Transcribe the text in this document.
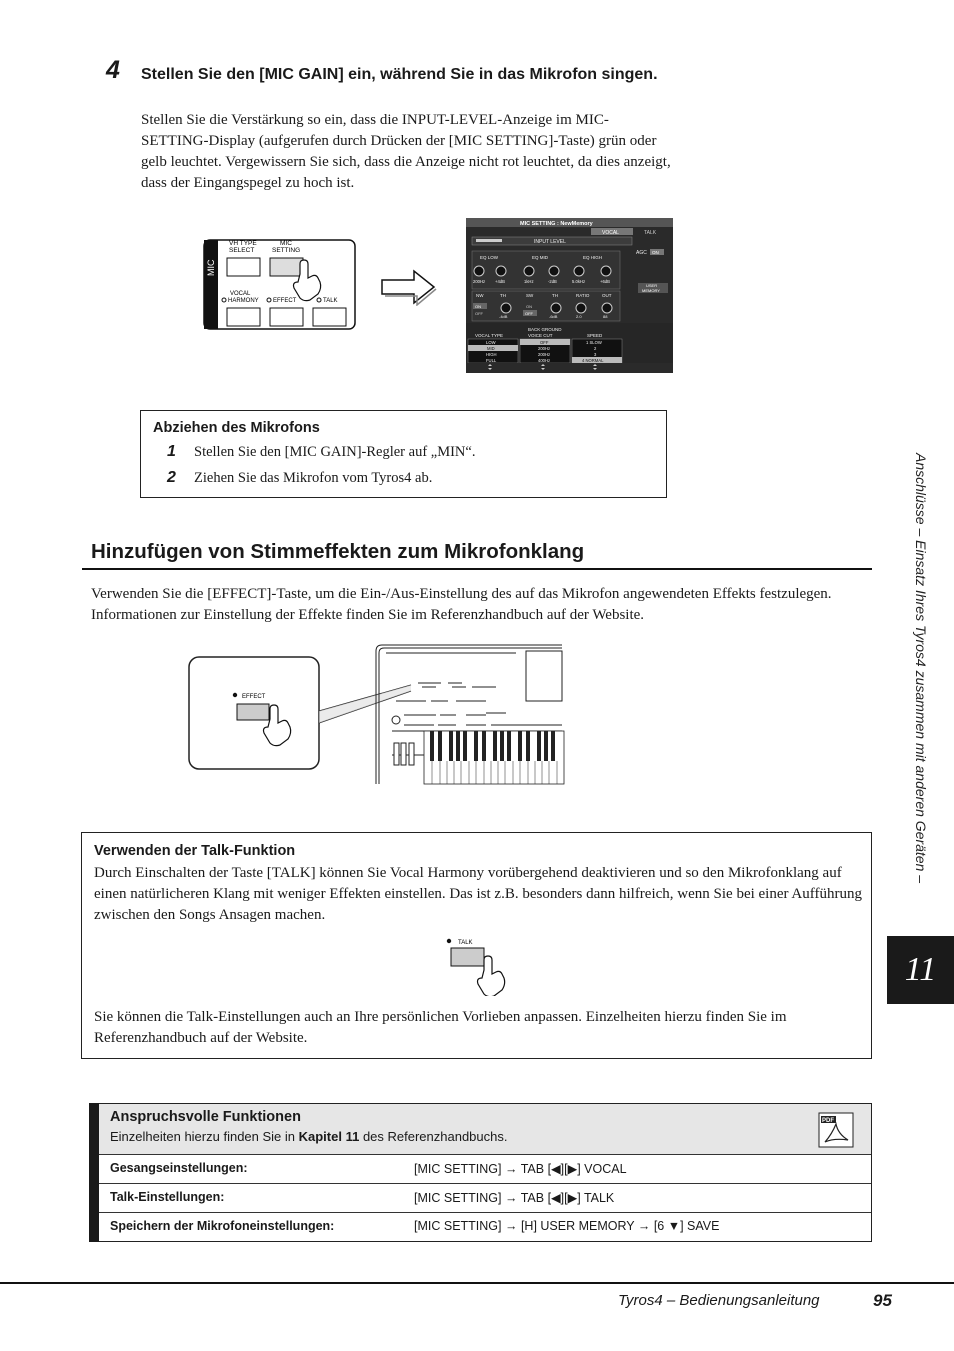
4 Stellen Sie den [MIC GAIN] ein, während Sie in das Mikrofon singen.
Stellen Sie die Verstärkung so ein, dass die INPUT-LEVEL-Anzeige im MIC-SETTING-Display (aufgerufen durch Drücken der [MIC SETTING]-Taste) grün oder gelb leuchtet. Vergewissern Sie sich, dass die Anzeige nicht rot leuchtet, da dies anzeigt, dass der Eingangspegel zu hoch ist.
MIC
VH TYPE
SELECT
MIC
SETTING
VOCAL
HARMONY EFFECT	TALK
MIC SETTING : NewMemory
VOCAL	TALK
INPUT LEVEL
EQ LOW	EQ MID	EQ HIGH
200Hz +4dB	1kHz	-2dB	5.0kHz	+6dB
AGC ON
USER
MEMORY
NW	TH	SW	TH	RATIO	OUT
ON
OFF
-4dB
ON
OFF
-6dB	2.0	88
VOCAL TYPE
BACK GROUND
VOICE CUT	SPEED
LOW
MID
HIGH
FULL
OFF
200Hz
200Hz
400Hz
1 SLOW
2
3
4 NORMAL
Abziehen des Mikrofons
1 Stellen Sie den [MIC GAIN]-Regler auf „MIN“.
2 Ziehen Sie das Mikrofon vom Tyros4 ab.
Hinzufügen von Stimmeffekten zum Mikrofonklang
Verwenden Sie die [EFFECT]-Taste, um die Ein-/Aus-Einstellung des auf das Mikrofon angewendeten Effekts festzulegen. Informationen zur Einstellung der Effekte finden Sie im Referenzhandbuch auf der Website.
EFFECT
Verwenden der Talk-Funktion
Durch Einschalten der Taste [TALK] können Sie Vocal Harmony vorübergehend deaktivieren und so den Mikrofonklang auf einen natürlicheren Klang mit weniger Effekten einstellen. Das ist z.B. besonders dann hilfreich, wenn Sie bei einer Aufführung zwischen den Songs Ansagen machen.
TALK
Sie können die Talk-Einstellungen auch an Ihre persönlichen Vorlieben anpassen. Einzelheiten hierzu finden Sie im Referenzhandbuch auf der Website.
Anspruchsvolle Funktionen
Einzelheiten hierzu finden Sie in Kapitel 11 des Referenzhandbuchs.
PDF
Gesangseinstellungen:	[MIC SETTING] → TAB [◀][▶] VOCAL
Talk-Einstellungen:	[MIC SETTING] → TAB [◀][▶] TALK
Speichern der Mikrofoneinstellungen:	[MIC SETTING] → [H] USER MEMORY → [6 ▼] SAVE
Anschlüsse – Einsatz Ihres Tyros4 zusammen mit anderen Geräten –
11
Tyros4 – Bedienungsanleitung	95
